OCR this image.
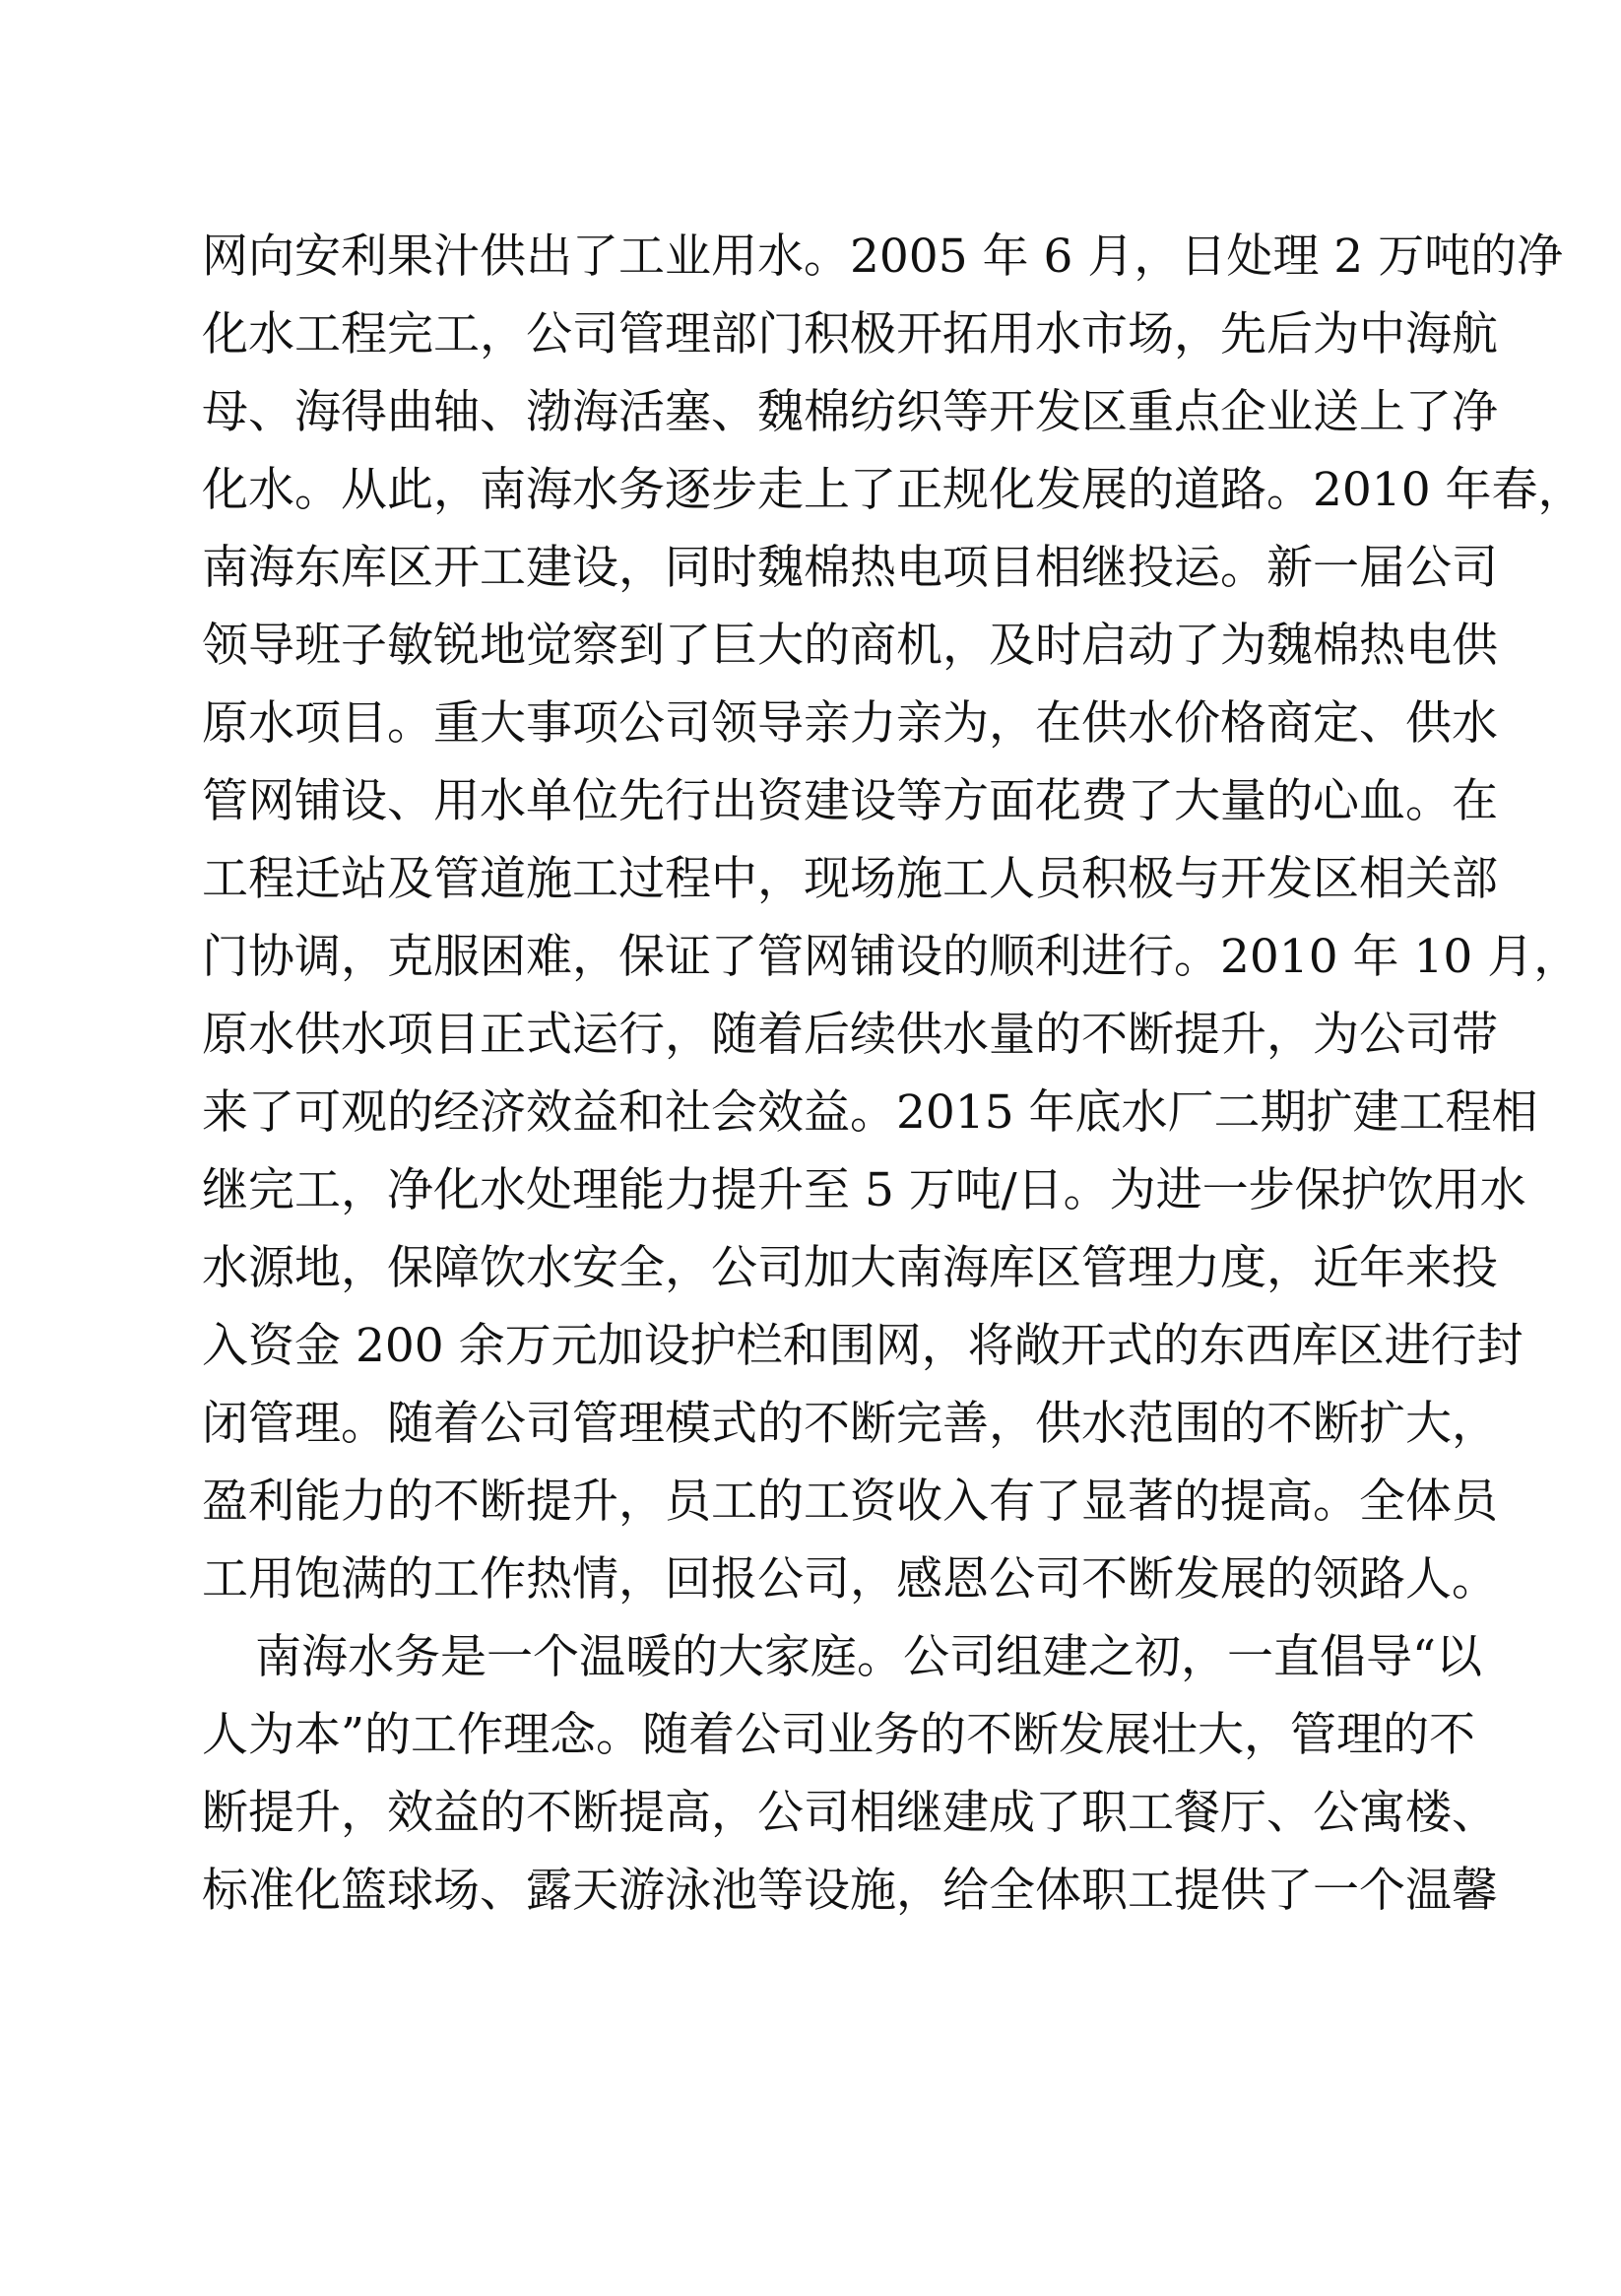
网向安利果汁供出了工业用水。2005 年 6 月，日处理 2 万吨的净
化水工程完工，公司管理部门积极开拓用水市场，先后为中海航
母、海得曲轴、渤海活塞、魏棉纺织等开发区重点企业送上了净
化水。从此，南海水务逐步走上了正规化发展的道路。2010 年春，
南海东库区开工建设，同时魏棉热电项目相继投运。新一届公司
领导班子敏锐地觉察到了巨大的商机，及时启动了为魏棉热电供
原水项目。重大事项公司领导亲力亲为，在供水价格商定、供水
管网铺设、用水单位先行出资建设等方面花费了大量的心血。在
工程迁站及管道施工过程中，现场施工人员积极与开发区相关部
门协调，克服困难，保证了管网铺设的顺利进行。2010 年 10 月，
原水供水项目正式运行，随着后续供水量的不断提升，为公司带
来了可观的经济效益和社会效益。2015 年底水厂二期扩建工程相
继完工，净化水处理能力提升至 5 万吨/日。为进一步保护饮用水
水源地，保障饮水安全，公司加大南海库区管理力度，近年来投
入资金 200 余万元加设护栏和围网，将敞开式的东西库区进行封
闭管理。随着公司管理模式的不断完善，供水范围的不断扩大，
盈利能力的不断提升，员工的工资收入有了显著的提高。全体员
工用饱满的工作热情，回报公司，感恩公司不断发展的领路人。
南海水务是一个温暖的大家庭。公司组建之初，一直倡导“以
人为本”的工作理念。随着公司业务的不断发展壮大，管理的不
断提升，效益的不断提高，公司相继建成了职工餐厅、公寓楼、
标准化篮球场、露天游泳池等设施，给全体职工提供了一个温馨
